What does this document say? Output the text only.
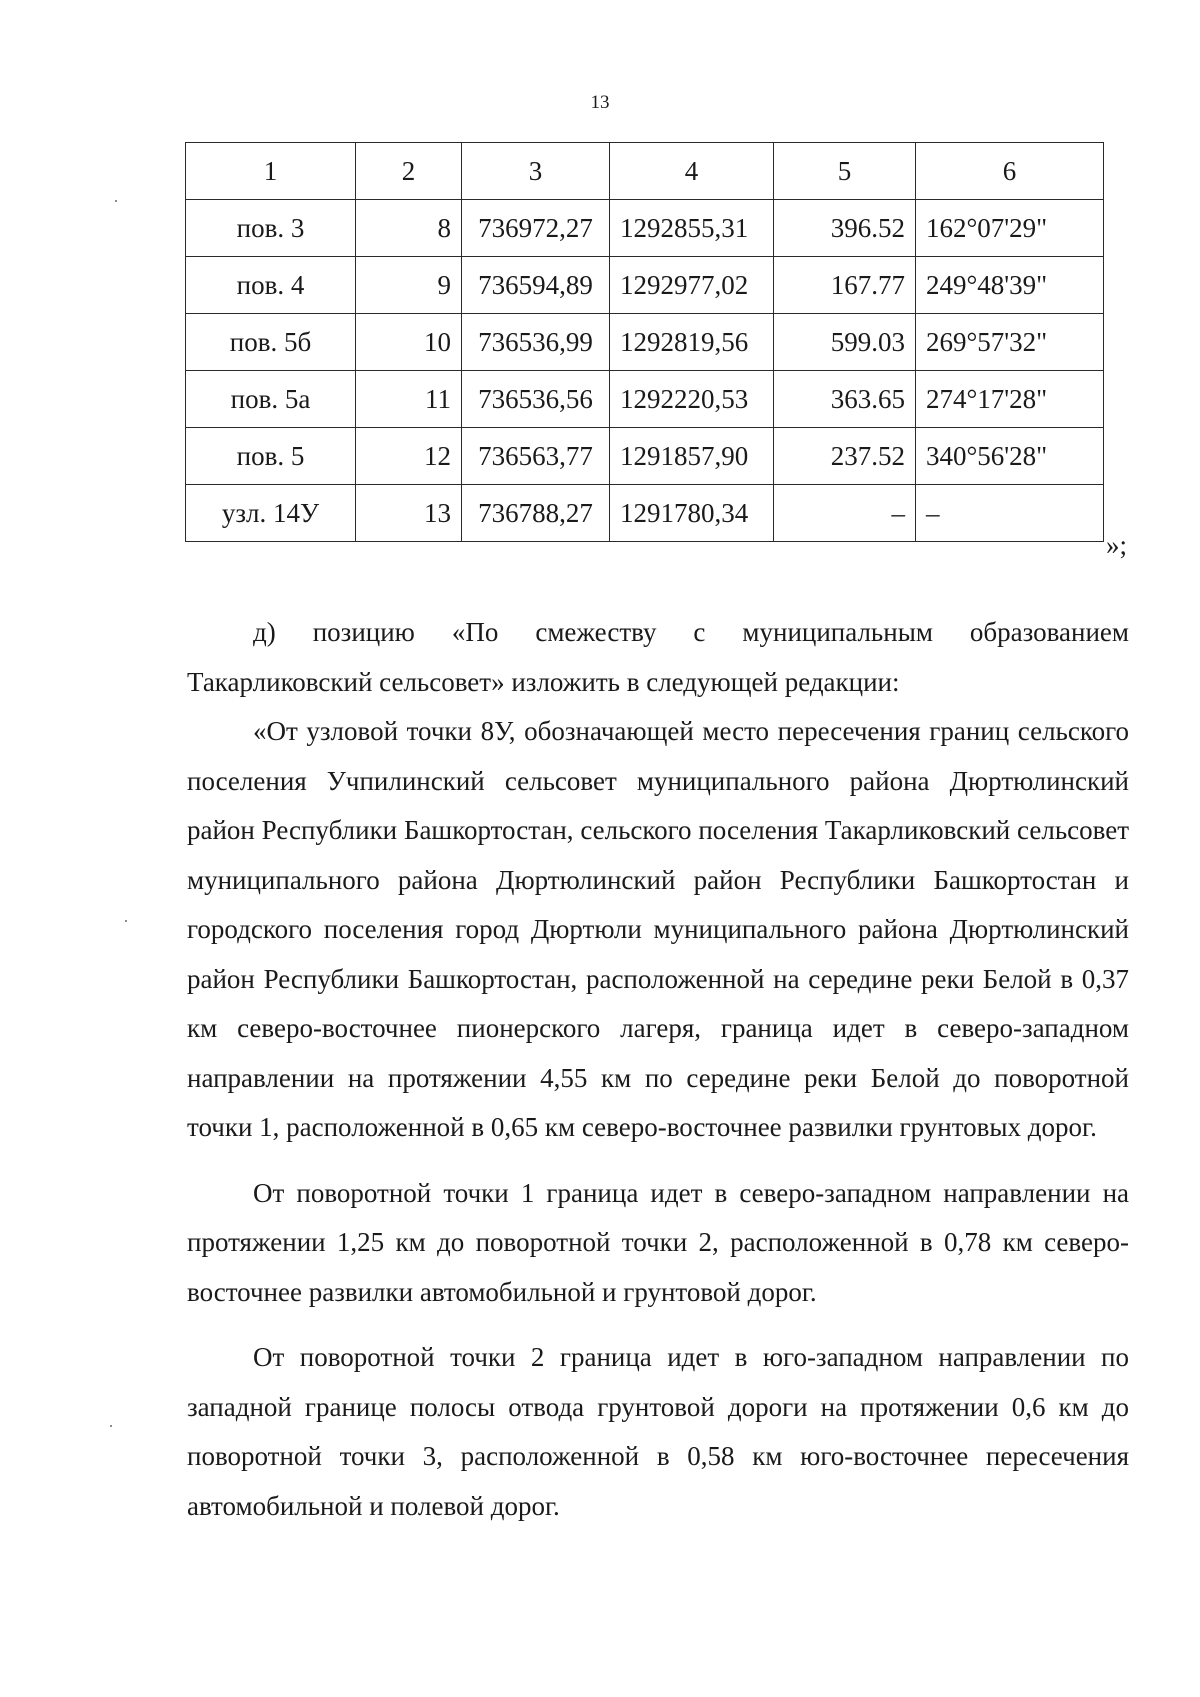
13
1	2	3	4	5	6
пов. 3	8	736972,27	1292855,31	396.52	162°07'29"
пов. 4	9	736594,89	1292977,02	167.77	249°48'39"
пов. 5б	10	736536,99	1292819,56	599.03	269°57'32"
пов. 5а	11	736536,56	1292220,53	363.65	274°17'28"
пов. 5	12	736563,77	1291857,90	237.52	340°56'28"
узл. 14У	13	736788,27	1291780,34	–	–
»;

д) позицию «По смежеству с муниципальным образованием Такарликовский сельсовет» изложить в следующей редакции:

«От узловой точки 8У, обозначающей место пересечения границ сельского поселения Учпилинский сельсовет муниципального района Дюртюлинский район Республики Башкортостан, сельского поселения Такарликовский сельсовет муниципального района Дюртюлинский район Республики Башкортостан и городского поселения город Дюртюли муниципального района Дюртюлинский район Республики Башкортостан, расположенной на середине реки Белой в 0,37 км северо-восточнее пионерского лагеря, граница идет в северо-западном направлении на протяжении 4,55 км по середине реки Белой до поворотной точки 1, расположенной в 0,65 км северо-восточнее развилки грунтовых дорог.

От поворотной точки 1 граница идет в северо-западном направлении на протяжении 1,25 км до поворотной точки 2, расположенной в 0,78 км северо-восточнее развилки автомобильной и грунтовой дорог.

От поворотной точки 2 граница идет в юго-западном направлении по западной границе полосы отвода грунтовой дороги на протяжении 0,6 км до поворотной точки 3, расположенной в 0,58 км юго-восточнее пересечения автомобильной и полевой дорог.
